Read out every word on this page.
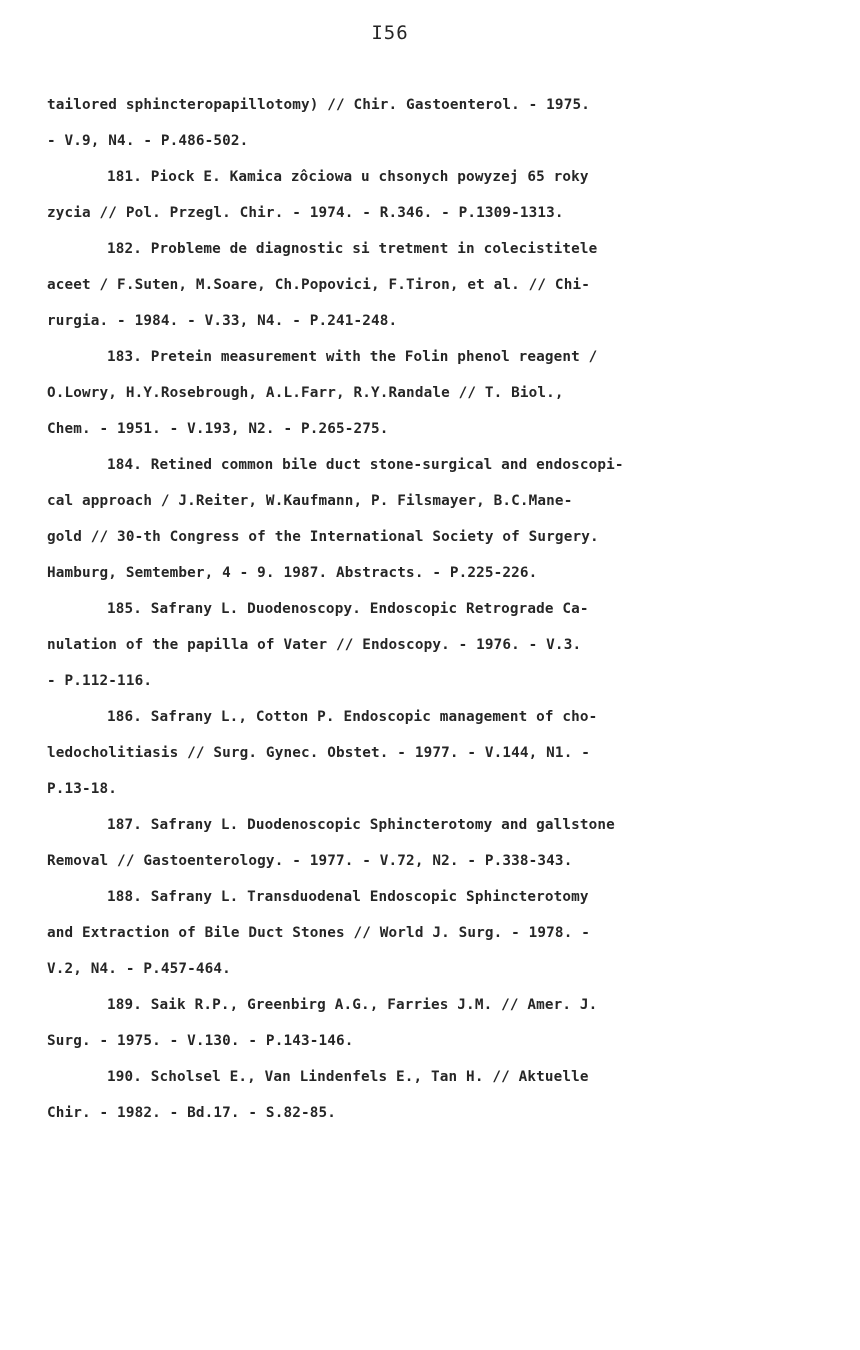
I56
tailored sphincteropapillotomy) // Chir. Gastoenterol. - 1975.
- V.9, N4. - P.486-502.
181. Piock E. Kamica zôciowa u chsonych powyzej 65 roky
zycia // Pol. Przegl. Chir. - 1974. - R.346. - P.1309-1313.
182. Probleme de diagnostic si tretment in colecistitele
aceet / F.Suten, M.Soare, Ch.Popovici, F.Tiron, et al. // Chi-
rurgia. - 1984. - V.33, N4. - P.241-248.
183. Pretein measurement with the Folin phenol reagent /
O.Lowry, H.Y.Rosebrough, A.L.Farr, R.Y.Randale // T. Biol.,
Chem. - 1951. - V.193, N2. - P.265-275.
184. Retined common bile duct stone-surgical and endoscopi-
cal approach / J.Reiter, W.Kaufmann, P. Filsmayer, B.C.Mane-
gold // 30-th Congress of the International Society of Surgery.
Hamburg, Semtember, 4 - 9. 1987. Abstracts. - P.225-226.
185. Safrany L. Duodenoscopy. Endoscopic Retrograde Ca-
nulation of the papilla of Vater // Endoscopy. - 1976. - V.3.
- P.112-116.
186. Safrany L., Cotton P. Endoscopic management of cho-
ledocholitiasis // Surg. Gynec. Obstet. - 1977. - V.144, N1. -
P.13-18.
187. Safrany L. Duodenoscopic Sphincterotomy and gallstone
Removal // Gastoenterology. - 1977. - V.72, N2. - P.338-343.
188. Safrany L. Transduodenal Endoscopic Sphincterotomy
and Extraction of Bile Duct Stones // World J. Surg. - 1978. -
V.2, N4. - P.457-464.
189. Saik R.P., Greenbirg A.G., Farries J.M. // Amer. J.
Surg. - 1975. - V.130. - P.143-146.
190. Scholsel E., Van Lindenfels E., Tan H. // Aktuelle
Chir. - 1982. - Bd.17. - S.82-85.
